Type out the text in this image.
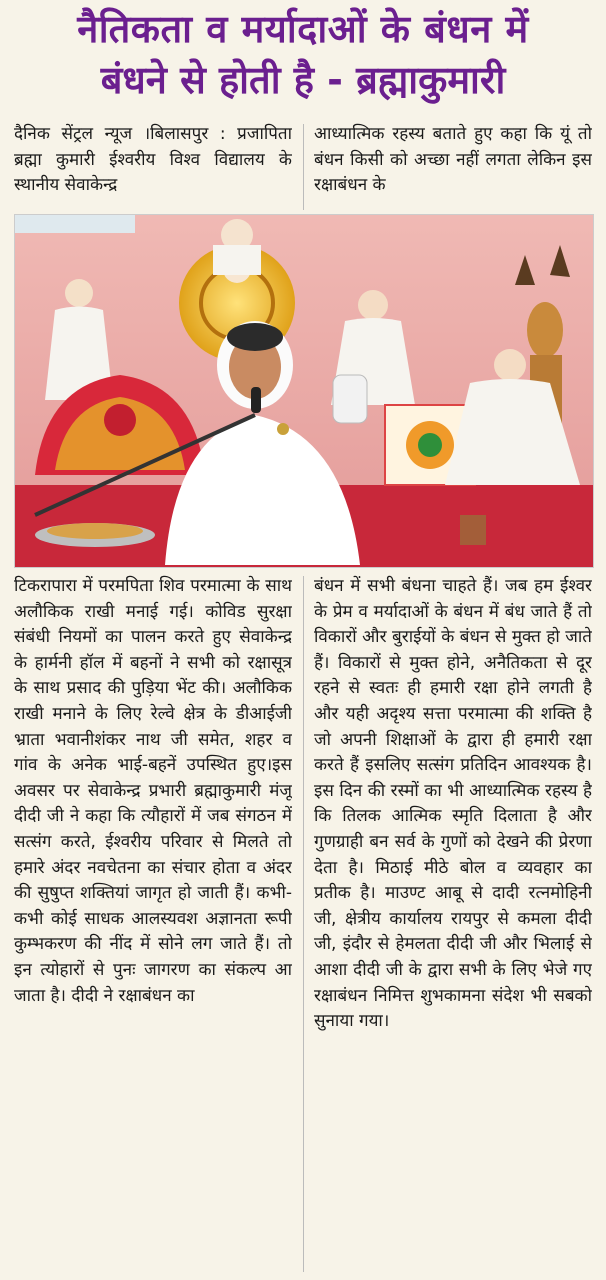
नैतिकता व मर्यादाओं के बंधन में
बंधने से होती है - ब्रह्माकुमारी

दैनिक सेंट्रल न्यूज ।बिलासपुर : प्रजापिता ब्रह्मा कुमारी ईश्वरीय विश्व विद्यालय के स्थानीय सेवाकेन्द्र

आध्यात्मिक रहस्य बताते हुए कहा कि यूं तो बंधन किसी को अच्छा नहीं लगता लेकिन इस रक्षाबंधन के

टिकरापारा में परमपिता शिव परमात्मा के साथ अलौकिक राखी मनाई गई। कोविड सुरक्षा संबंधी नियमों का पालन करते हुए सेवाकेन्द्र के हार्मनी हॉल में बहनों ने सभी को रक्षासूत्र के साथ प्रसाद की पुड़िया भेंट की। अलौकिक राखी मनाने के लिए रेल्वे क्षेत्र के डीआईजी भ्राता भवानीशंकर नाथ जी समेत, शहर व गांव के अनेक भाई-बहनें उपस्थित हुए।इस अवसर पर सेवाकेन्द्र प्रभारी ब्रह्माकुमारी मंजू दीदी जी ने कहा कि त्यौहारों में जब संगठन में सत्संग करते, ईश्वरीय परिवार से मिलते तो हमारे अंदर नवचेतना का संचार होता व अंदर की सुषुप्त शक्तियां जागृत हो जाती हैं। कभी-कभी कोई साधक आलस्यवश अज्ञानता रूपी कुम्भकरण की नींद में सोने लग जाते हैं। तो इन त्योहारों से पुनः जागरण का संकल्प आ जाता है। दीदी ने रक्षाबंधन का

बंधन में सभी बंधना चाहते हैं। जब हम ईश्वर के प्रेम व मर्यादाओं के बंधन में बंध जाते हैं तो विकारों और बुराईयों के बंधन से मुक्त हो जाते हैं। विकारों से मुक्त होने, अनैतिकता से दूर रहने से स्वतः ही हमारी रक्षा होने लगती है और यही अदृश्य सत्ता परमात्मा की शक्ति है जो अपनी शिक्षाओं के द्वारा ही हमारी रक्षा करते हैं इसलिए सत्संग प्रतिदिन आवश्यक है। इस दिन की रस्मों का भी आध्यात्मिक रहस्य है कि तिलक आत्मिक स्मृति दिलाता है और गुणग्राही बन सर्व के गुणों को देखने की प्रेरणा देता है। मिठाई मीठे बोल व व्यवहार का प्रतीक है। माउण्ट आबू से दादी रत्नमोहिनी जी, क्षेत्रीय कार्यालय रायपुर से कमला दीदी जी, इंदौर से हेमलता दीदी जी और भिलाई से आशा दीदी जी के द्वारा सभी के लिए भेजे गए रक्षाबंधन निमित्त शुभकामना संदेश भी सबको सुनाया गया।
